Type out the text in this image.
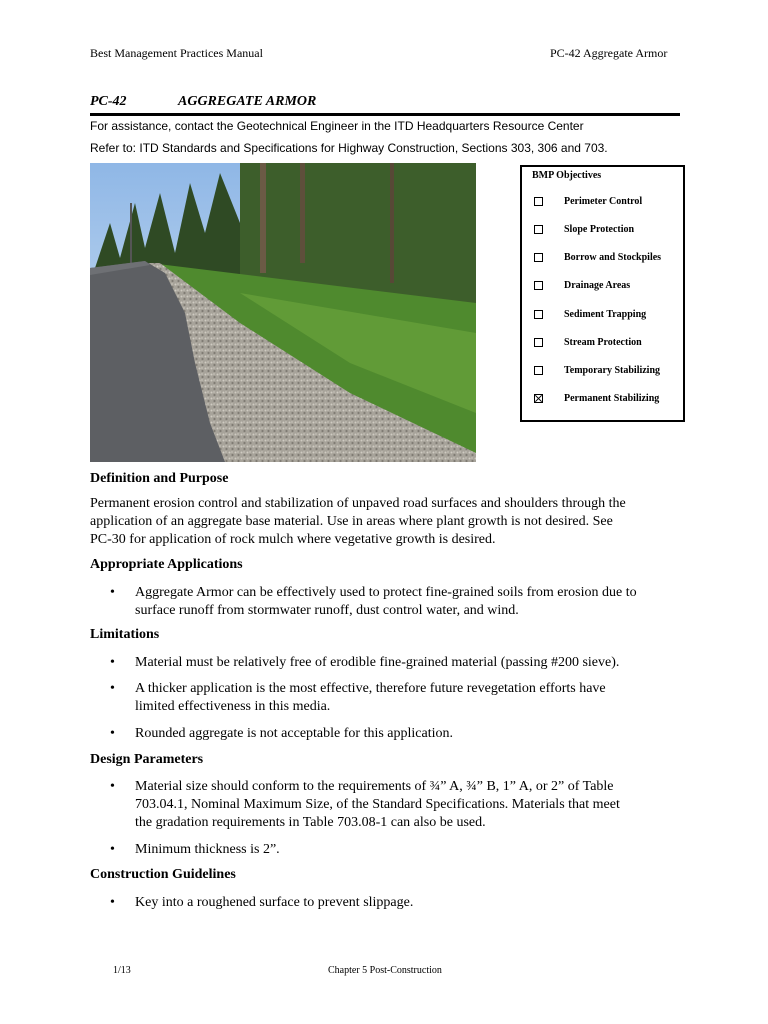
Best Management Practices Manual	PC-42 Aggregate Armor
PC-42	AGGREGATE ARMOR
For assistance, contact the Geotechnical Engineer in the ITD Headquarters Resource Center
Refer to: ITD Standards and Specifications for Highway Construction, Sections 303, 306 and 703.
BMP Objectives
Perimeter Control
Slope Protection
Borrow and Stockpiles
Drainage Areas
Sediment Trapping
Stream Protection
Temporary Stabilizing
Permanent Stabilizing
Definition and Purpose
Permanent erosion control and stabilization of unpaved road surfaces and shoulders through the
application of an aggregate base material. Use in areas where plant growth is not desired. See
PC-30 for application of rock mulch where vegetative growth is desired.
Appropriate Applications
• Aggregate Armor can be effectively used to protect fine-grained soils from erosion due to
surface runoff from stormwater runoff, dust control water, and wind.
Limitations
• Material must be relatively free of erodible fine-grained material (passing #200 sieve).
• A thicker application is the most effective, therefore future revegetation efforts have
limited effectiveness in this media.
• Rounded aggregate is not acceptable for this application.
Design Parameters
• Material size should conform to the requirements of ¾” A, ¾” B, 1” A, or 2” of Table
703.04.1, Nominal Maximum Size, of the Standard Specifications. Materials that meet
the gradation requirements in Table 703.08-1 can also be used.
• Minimum thickness is 2”.
Construction Guidelines
• Key into a roughened surface to prevent slippage.
1/13	Chapter 5 Post-Construction
